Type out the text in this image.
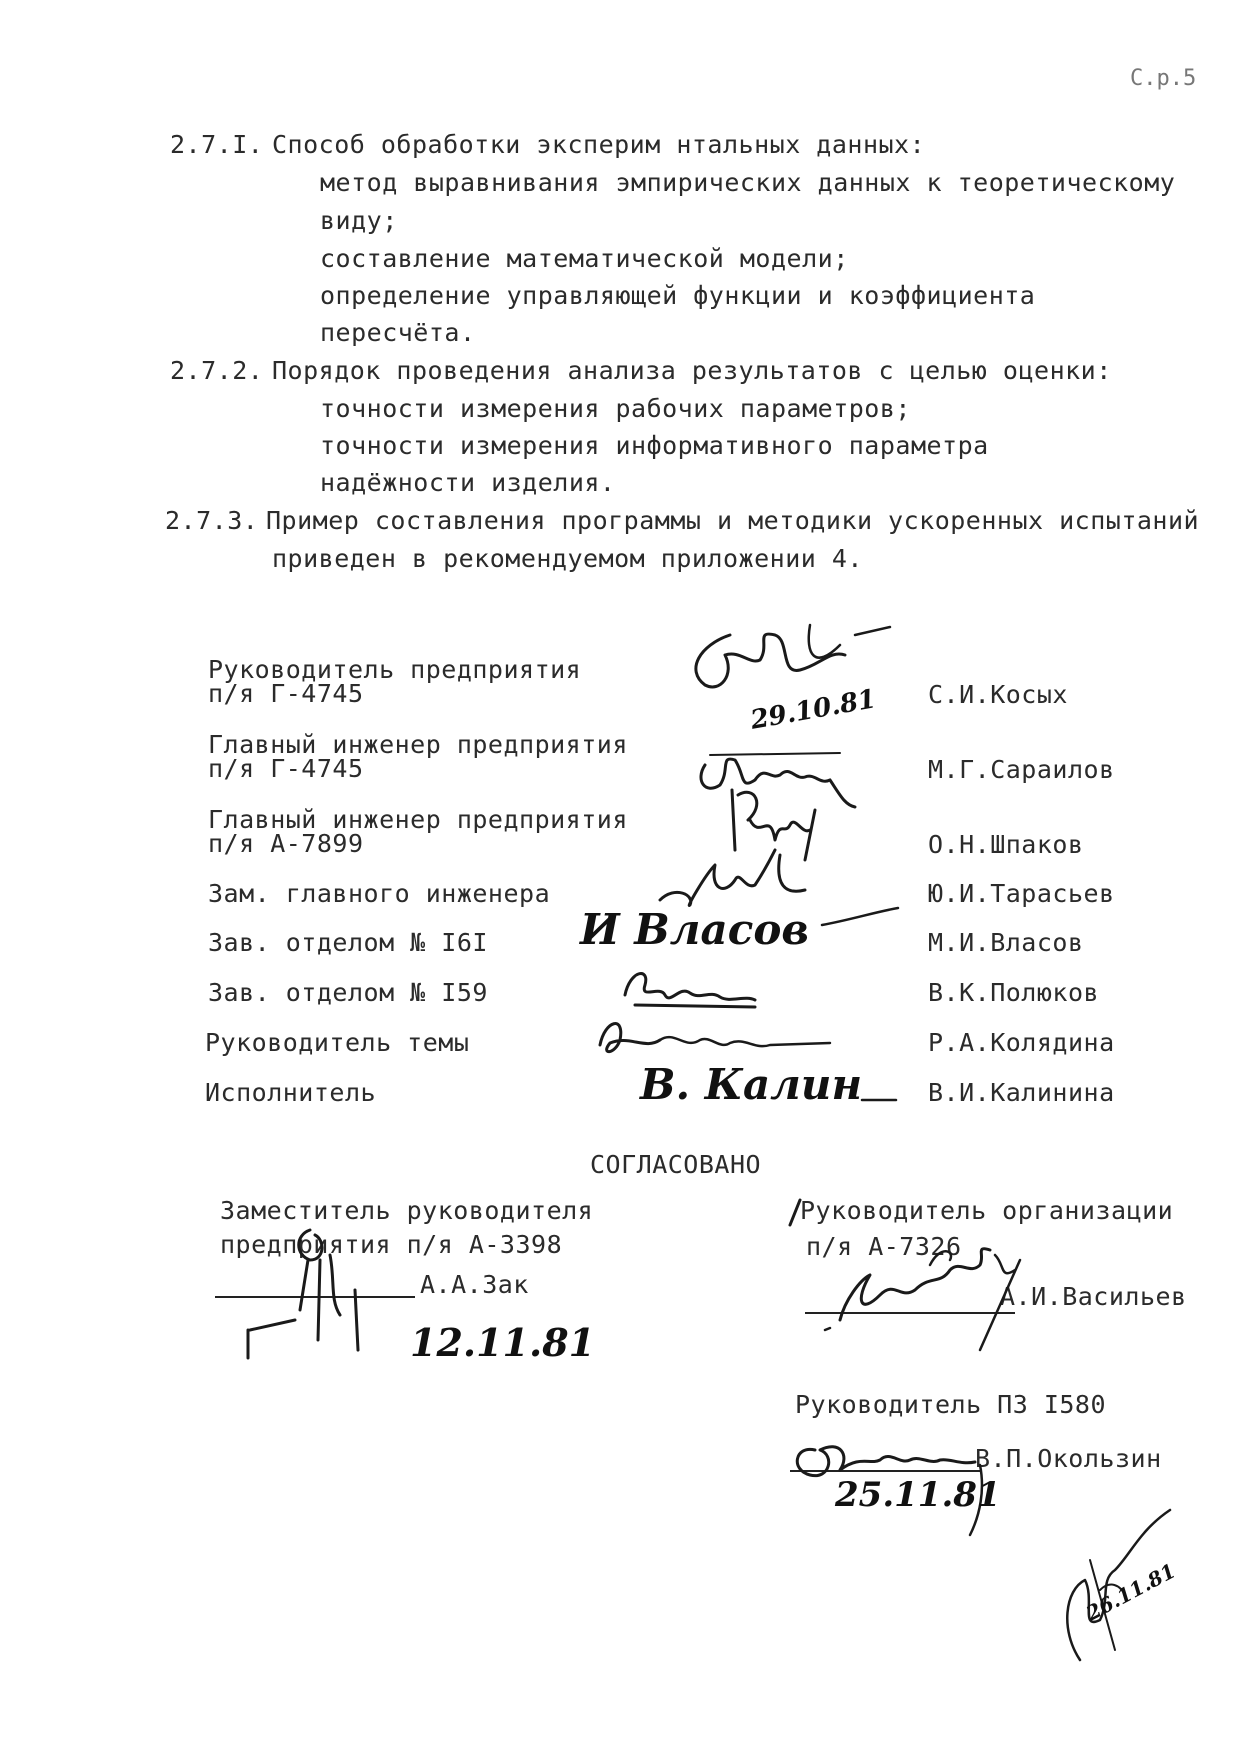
С.р.5
2.7.I. Способ обработки эксперим нтальных данных:
метод выравнивания эмпирических данных к теоретическому
виду;
составление математической модели;
определение управляющей функции и коэффициента
пересчёта.
2.7.2. Порядок проведения анализа результатов с целью оценки:
точности измерения рабочих параметров;
точности измерения информативного параметра
надёжности изделия.
2.7.3. Пример составления программы и методики ускоренных испытаний
приведен в рекомендуемом приложении 4.
Руководитель предприятия
п/я Г-4745
Главный инженер предприятия
п/я Г-4745
Главный инженер предприятия
п/я А-7899
Зам. главного инженера
Зав. отделом № I6I
Зав. отделом № I59
Руководитель темы
Исполнитель
С.И.Косых
М.Г.Сараилов
О.Н.Шпаков
Ю.И.Тарасьев
М.И.Власов
В.К.Полюков
Р.А.Колядина
В.И.Калинина
29.10.81
И Власов
В. Калин
СОГЛАСОВАНО
Заместитель руководителя
предприятия п/я А-3398
А.А.Зак
12.11.81
Руководитель организации
п/я А-7326
А.И.Васильев
Руководитель ПЗ I580
В.П.Окользин
25.11.81
26.11.81
